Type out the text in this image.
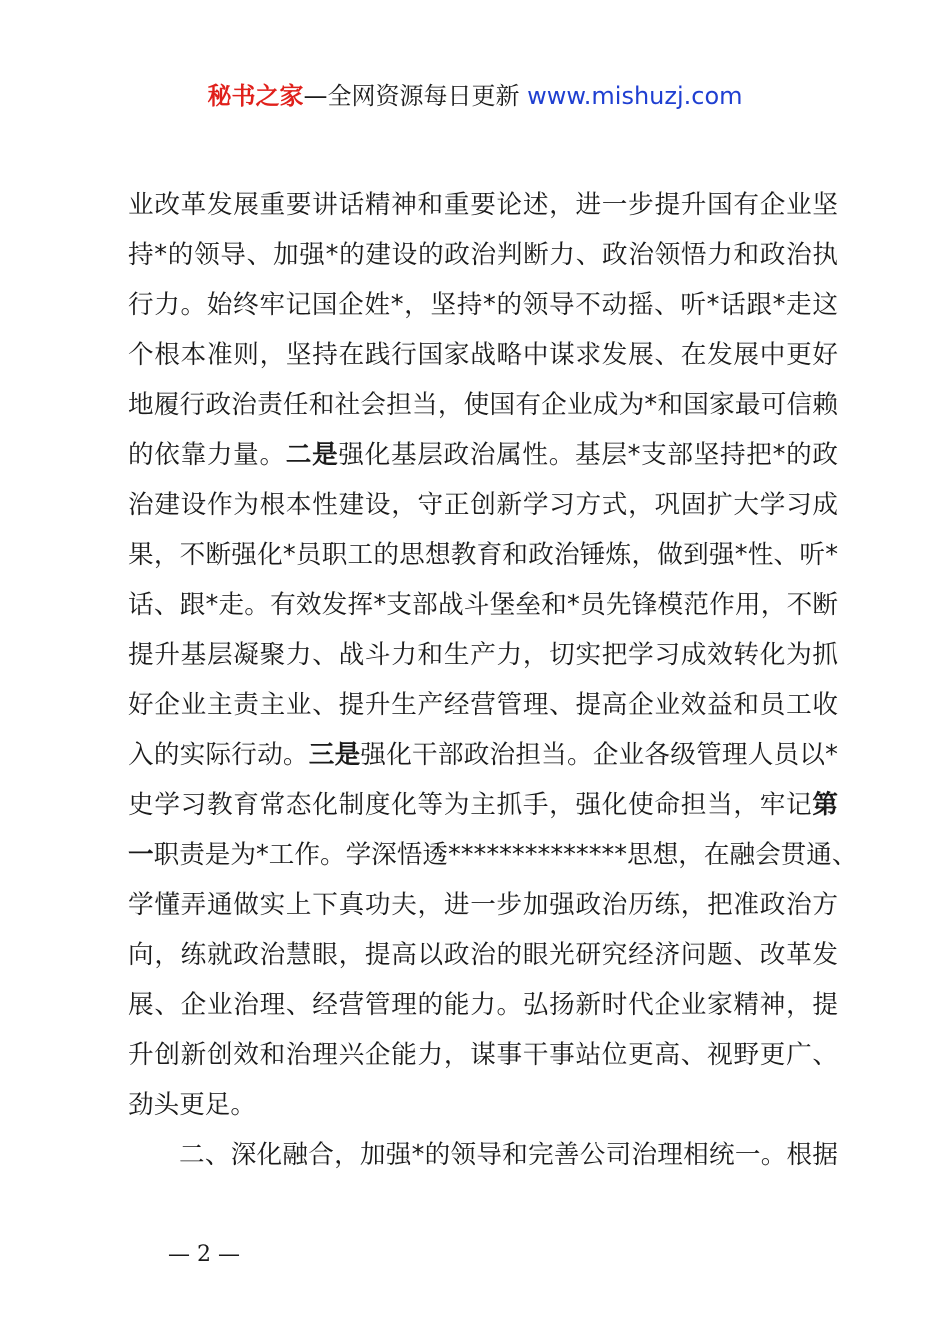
秘书之家—全网资源每日更新 www.mishuzj.com
业改革发展重要讲话精神和重要论述，进一步提升国有企业坚
持*的领导、加强*的建设的政治判断力、政治领悟力和政治执
行力。始终牢记国企姓*，坚持*的领导不动摇、听*话跟*走这
个根本准则，坚持在践行国家战略中谋求发展、在发展中更好
地履行政治责任和社会担当，使国有企业成为*和国家最可信赖
的依靠力量。二是强化基层政治属性。基层*支部坚持把*的政
治建设作为根本性建设，守正创新学习方式，巩固扩大学习成
果，不断强化*员职工的思想教育和政治锤炼，做到强*性、听*
话、跟*走。有效发挥*支部战斗堡垒和*员先锋模范作用，不断
提升基层凝聚力、战斗力和生产力，切实把学习成效转化为抓
好企业主责主业、提升生产经营管理、提高企业效益和员工收
入的实际行动。三是强化干部政治担当。企业各级管理人员以*
史学习教育常态化制度化等为主抓手，强化使命担当，牢记第
一职责是为*工作。学深悟透**************思想，在融会贯通、
学懂弄通做实上下真功夫，进一步加强政治历练，把准政治方
向，练就政治慧眼，提高以政治的眼光研究经济问题、改革发
展、企业治理、经营管理的能力。弘扬新时代企业家精神，提
升创新创效和治理兴企能力，谋事干事站位更高、视野更广、
劲头更足。
二、深化融合，加强*的领导和完善公司治理相统一。根据
— 2 —
